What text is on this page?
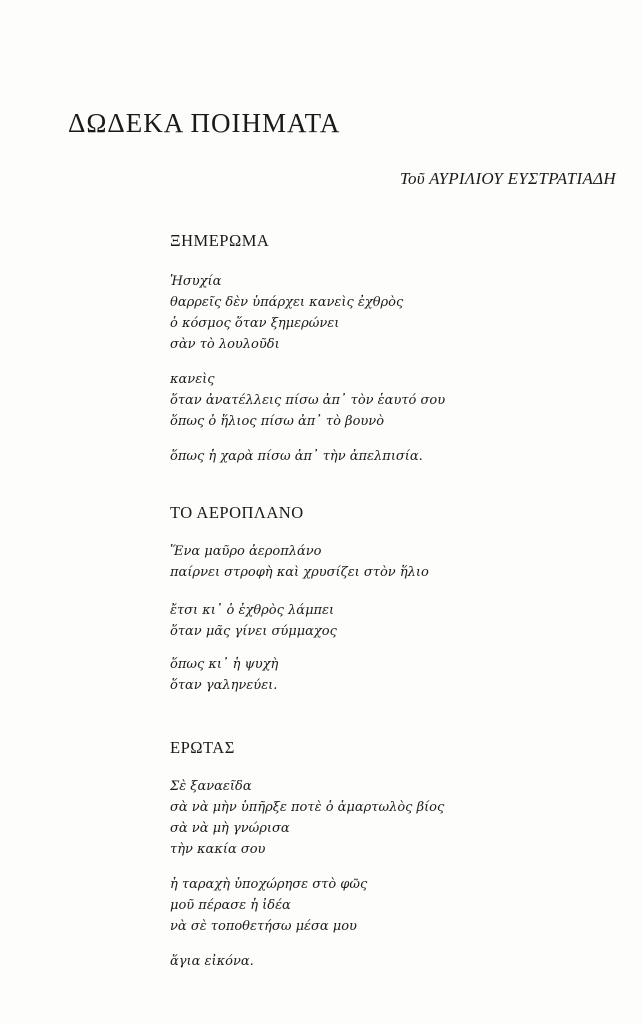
ΔΩΔΕΚΑ ΠΟΙΗΜΑΤΑ
Τοῦ ΑΥΡΙΛΙΟΥ ΕΥΣΤΡΑΤΙΑΔΗ
ΞΗΜΕΡΩΜΑ
Ἡσυχία
θαρρεῖς δὲν ὑπάρχει κανεὶς ἐχθρὸς
ὁ κόσμος ὅταν ξημερώνει
σὰν τὸ λουλοῦδι
κανεὶς
ὅταν ἀνατέλλεις πίσω ἀπ᾽ τὸν ἑαυτό σου
ὅπως ὁ ἥλιος πίσω ἀπ᾽ τὸ βουνὸ
ὅπως ἡ χαρὰ πίσω ἀπ᾽ τὴν ἀπελπισία.
ΤΟ ΑΕΡΟΠΛΑΝΟ
Ἕνα μαῦρο ἀεροπλάνο
παίρνει στροφὴ καὶ χρυσίζει στὸν ἥλιο
ἔτσι κι᾽ ὁ ἐχθρὸς λάμπει
ὅταν μᾶς γίνει σύμμαχος
ὅπως κι᾽ ἡ ψυχὴ
ὅταν γαληνεύει.
ΕΡΩΤΑΣ
Σὲ ξαναεῖδα
σὰ νὰ μὴν ὑπῆρξε ποτὲ ὁ ἁμαρτωλὸς βίος
σὰ νὰ μὴ γνώρισα
τὴν κακία σου
ἡ ταραχὴ ὑποχώρησε στὸ φῶς
μοῦ πέρασε ἡ ἰδέα
νὰ σὲ τοποθετήσω μέσα μου
ἅγια εἰκόνα.
